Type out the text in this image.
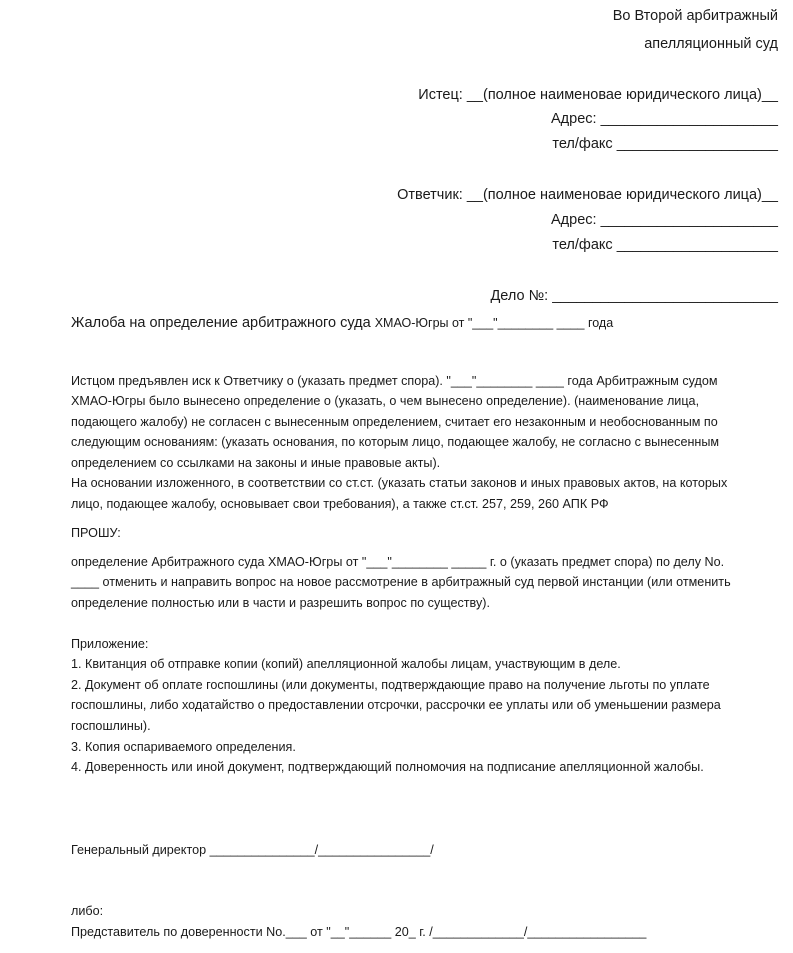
Во Второй арбитражный
апелляционный суд
Истец: __(полное наименовае юридического лица)__
Адрес: ______________________
тел/факс ____________________
Ответчик: __(полное наименовае юридического лица)__
Адрес: ______________________
тел/факс ____________________
Дело №: ____________________________
Жалоба на определение арбитражного суда ХМАО-Югры от "___"________ ____ года
Истцом предъявлен иск к Ответчику о (указать предмет спора). "___"________ ____ года Арбитражным судом
ХМАО-Югры было вынесено определение о (указать, о чем вынесено определение). (наименование лица,
подающего жалобу) не согласен с вынесенным определением, считает его незаконным и необоснованным по
следующим основаниям: (указать основания, по которым лицо, подающее жалобу, не согласно с вынесенным
определением со ссылками на законы и иные правовые акты).
На основании изложенного, в соответствии со ст.ст. (указать статьи законов и иных правовых актов, на которых
лицо, подающее жалобу, основывает свои требования), а также ст.ст. 257, 259, 260 АПК РФ
ПРОШУ:
определение Арбитражного суда ХМАО-Югры от "___"________ _____ г. о (указать предмет спора) по делу No.
____ отменить и направить вопрос на новое рассмотрение в арбитражный суд первой инстанции (или отменить
определение полностью или в части и разрешить вопрос по существу).
Приложение:
1. Квитанция об отправке копии (копий) апелляционной жалобы лицам, участвующим в деле.
2. Документ об оплате госпошлины (или документы, подтверждающие право на получение льготы по уплате
госпошлины, либо ходатайство о предоставлении отсрочки, рассрочки ее уплаты или об уменьшении размера
госпошлины).
3. Копия оспариваемого определения.
4. Доверенность или иной документ, подтверждающий полномочия на подписание апелляционной жалобы.
Генеральный директор _______________/________________/
либо:
Представитель по доверенности No.___ от "__"______ 20_ г. /_____________/_________________
